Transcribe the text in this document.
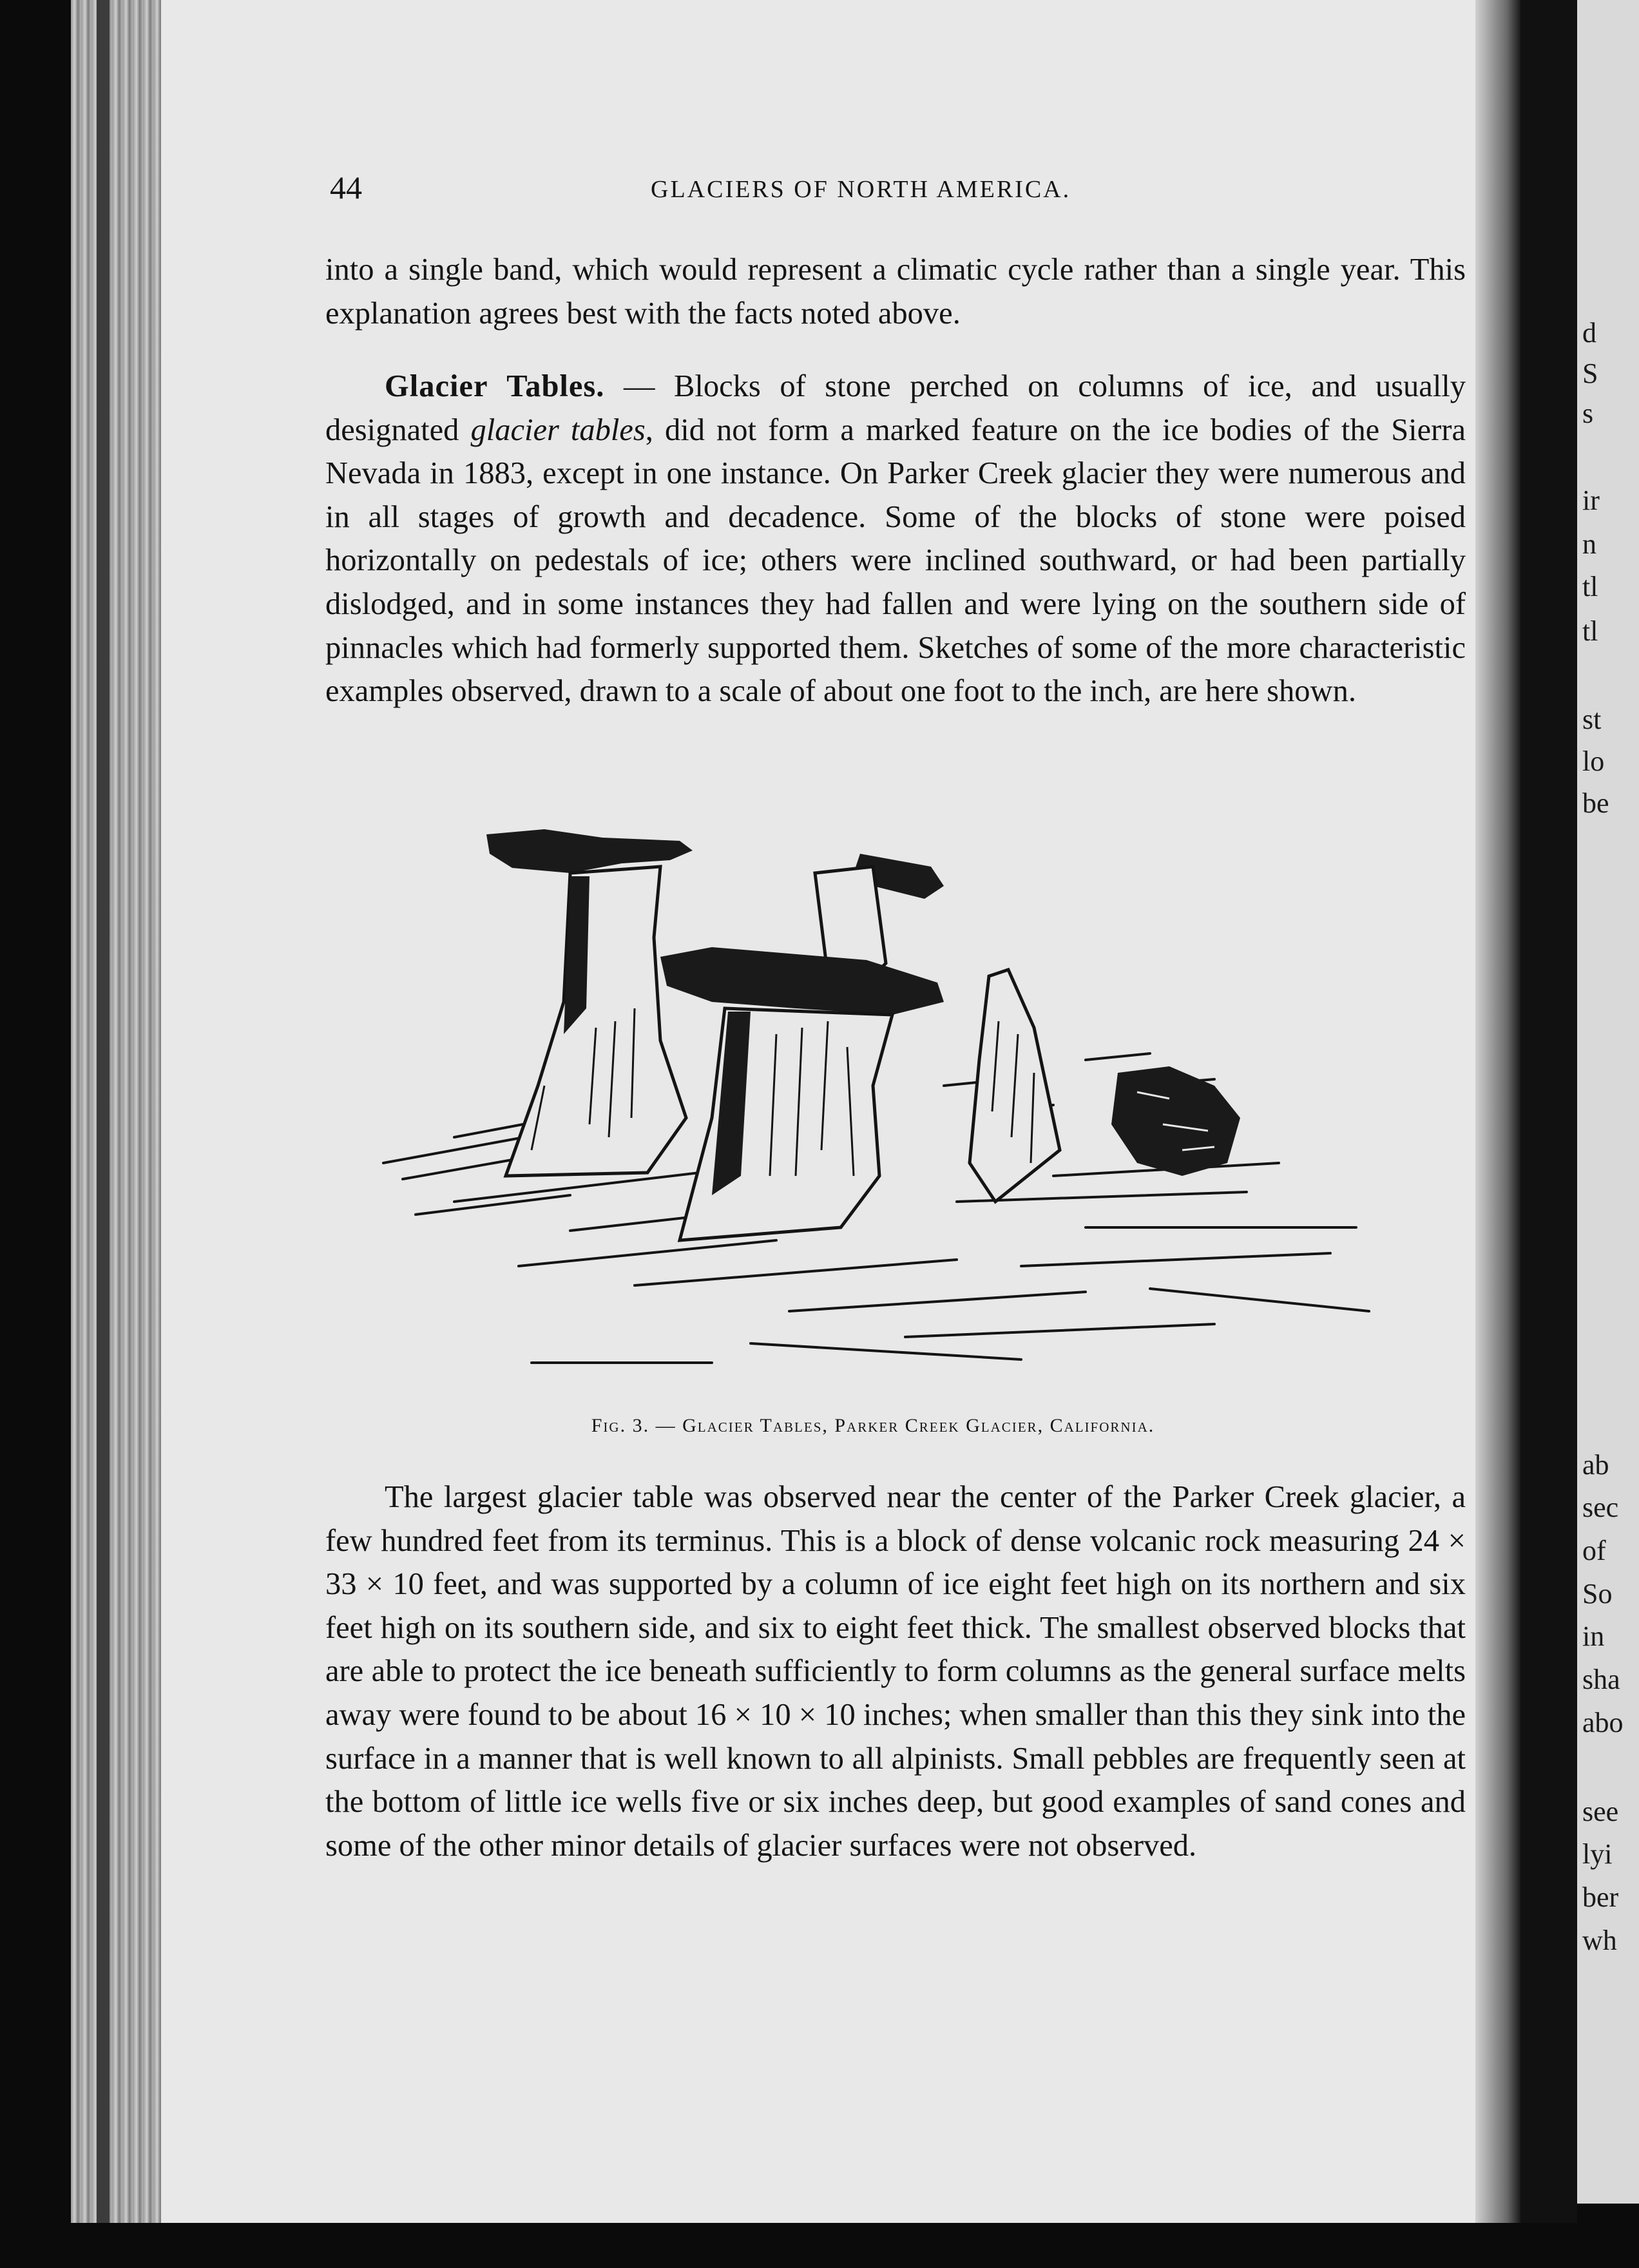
d
S
s
ir
n
tl
tl
st
lo
be
ab
sec
of
So
in
sha
abo
see
lyi
ber
wh
44	GLACIERS OF NORTH AMERICA.

into a single band, which would represent a climatic cycle rather than a single year. This explanation agrees best with the facts noted above.

Glacier Tables. — Blocks of stone perched on columns of ice, and usually designated glacier tables, did not form a marked feature on the ice bodies of the Sierra Nevada in 1883, except in one instance. On Parker Creek glacier they were numerous and in all stages of growth and decadence. Some of the blocks of stone were poised horizontally on pedestals of ice; others were inclined southward, or had been partially dislodged, and in some instances they had fallen and were lying on the southern side of pinnacles which had formerly supported them. Sketches of some of the more characteristic examples observed, drawn to a scale of about one foot to the inch, are here shown.

Fig. 3. — Glacier Tables, Parker Creek Glacier, California.

The largest glacier table was observed near the center of the Parker Creek glacier, a few hundred feet from its terminus. This is a block of dense volcanic rock measuring 24 × 33 × 10 feet, and was supported by a column of ice eight feet high on its northern and six feet high on its southern side, and six to eight feet thick. The smallest observed blocks that are able to protect the ice beneath sufficiently to form columns as the general surface melts away were found to be about 16 × 10 × 10 inches; when smaller than this they sink into the surface in a manner that is well known to all alpinists. Small pebbles are frequently seen at the bottom of little ice wells five or six inches deep, but good examples of sand cones and some of the other minor details of glacier surfaces were not observed.
